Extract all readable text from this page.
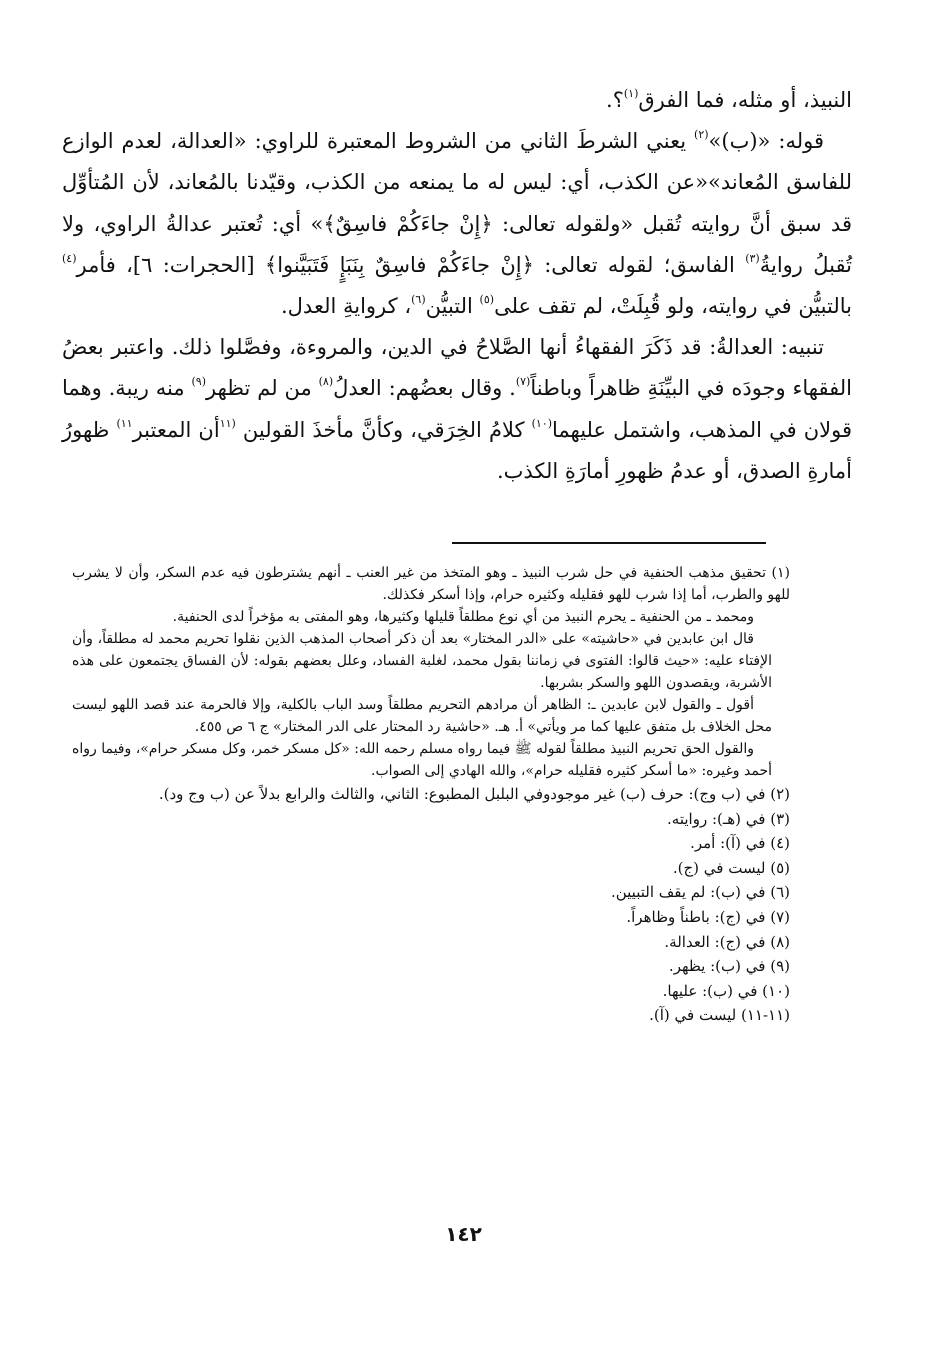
النبيذ، أو مثله، فما الفرق$^{(١)}$؟.

قوله: «(ب)»$^{(٢)}$ يعني الشرطَ الثاني من الشروط المعتبرة للراوي: «العدالة، لعدم الوازع للفاسق المُعاند»«عن الكذب، أي: ليس له ما يمنعه من الكذب، وقيّدنا بالمُعاند، لأن المُتأوِّل قد سبق أنَّ روايته تُقبل «ولقوله تعالى: ﴿إِنْ جاءَكُمْ فاسِقٌ﴾» أي: تُعتبر عدالةُ الراوي، ولا تُقبلُ روايةُ$^{(٣)}$ الفاسق؛ لقوله تعالى: ﴿إِنْ جاءَكُمْ فاسِقٌ بِنَبَإٍ فَتَبَيَّنوا﴾ [الحجرات: ٦]، فأمر$^{(٤)}$ بالتبيُّن في روايته، ولو قُبِلَتْ، لم تقف على$^{(٥)}$ التبيُّن$^{(٦)}$، كروايةِ العدل.

تنبيه: العدالةُ: قد ذَكَرَ الفقهاءُ أنها الصَّلاحُ في الدين، والمروءة، وفصَّلوا ذلك. واعتبر بعضُ الفقهاء وجودَه في البيِّنَةِ ظاهراً وباطناً$^{(٧)}$. وقال بعضُهم: العدلُ$^{(٨)}$ من لم تظهر$^{(٩)}$ منه ريبة. وهما قولان في المذهب، واشتمل عليهما$^{(١٠)}$ كلامُ الخِرَقي، وكأنَّ مأخذَ القولين $^{(١١}$أن المعتبر$^{١١)}$ ظهورُ أمارةِ الصدق، أو عدمُ ظهورِ أمارَةِ الكذب.

(١) تحقيق مذهب الحنفية في حل شرب النبيذ ـ وهو المتخذ من غير العنب ـ أنهم يشترطون فيه عدم السكر، وأن لا يشرب للهو والطرب، أما إذا شرب للهو فقليله وكثيره حرام، وإذا أسكر فكذلك.

ومحمد ـ من الحنفية ـ يحرم النبيذ من أي نوع مطلقاً قليلها وكثيرها، وهو المفتى به مؤخراً لدى الحنفية.

قال ابن عابدين في «حاشيته» على «الدر المختار» بعد أن ذكر أصحاب المذهب الذين نقلوا تحريم محمد له مطلقاً، وأن الإفتاء عليه: «حيث قالوا: الفتوى في زماننا بقول محمد، لغلبة الفساد، وعلل بعضهم بقوله: لأن الفساق يجتمعون على هذه الأشربة، ويقصدون اللهو والسكر بشربها.

أقول ـ والقول لابن عابدين ـ: الظاهر أن مرادهم التحريم مطلقاً وسد الباب بالكلية، وإلا فالحرمة عند قصد اللهو ليست محل الخلاف بل متفق عليها كما مر ويأتي» أ. هـ. «حاشية رد المحتار على الدر المختار» ج ٦ ص ٤٥٥.

والقول الحق تحريم النبيذ مطلقاً لقوله ﷺ فيما رواه مسلم رحمه الله: «كل مسكر خمر، وكل مسكر حرام»، وفيما رواه أحمد وغيره: «ما أسكر كثيره فقليله حرام»، والله الهادي إلى الصواب.

(٢) في (ب وج): حرف (ب) غير موجودوفي البلبل المطبوع: الثاني، والثالث والرابع بدلاً عن (ب وج ود).
(٣) في (هـ): روايته.
(٤) في (آ): أمر.
(٥) ليست في (ج).
(٦) في (ب): لم يقف التبيين.
(٧) في (ج): باطناً وظاهراً.
(٨) في (ج): العدالة.
(٩) في (ب): يظهر.
(١٠) في (ب): عليها.
(١١-١١) ليست في (آ).
١٤٢
